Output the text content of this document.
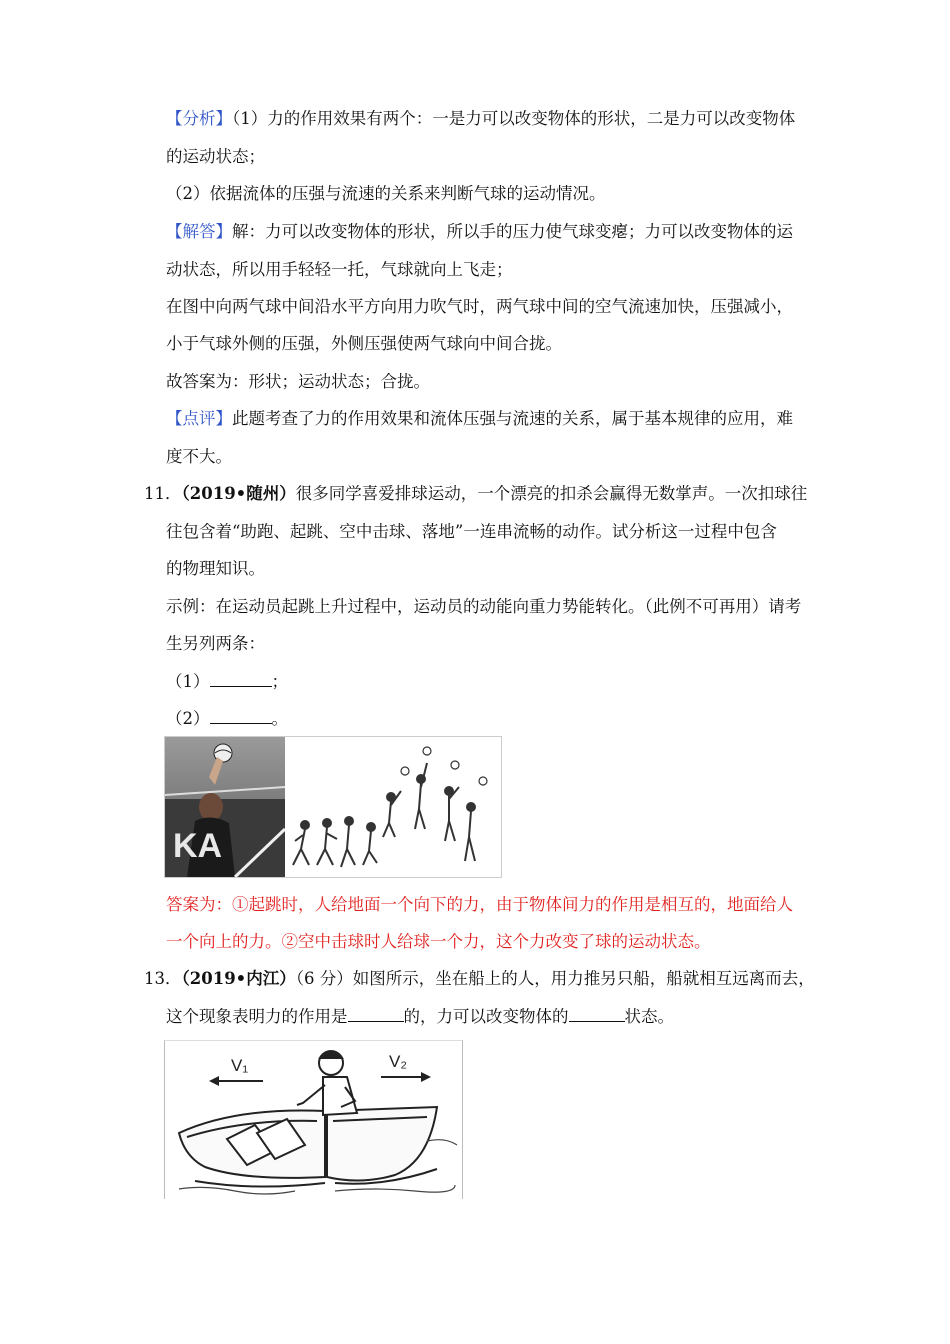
【分析】（1）力的作用效果有两个：一是力可以改变物体的形状，二是力可以改变物体
的运动状态；
（2）依据流体的压强与流速的关系来判断气球的运动情况。
【解答】解：力可以改变物体的形状，所以手的压力使气球变瘪；力可以改变物体的运
动状态，所以用手轻轻一托，气球就向上飞走；
在图中向两气球中间沿水平方向用力吹气时，两气球中间的空气流速加快，压强减小，
小于气球外侧的压强，外侧压强使两气球向中间合拢。
故答案为：形状；运动状态；合拢。
【点评】此题考查了力的作用效果和流体压强与流速的关系，属于基本规律的应用，难
度不大。
11．（2019•随州）很多同学喜爱排球运动，一个漂亮的扣杀会赢得无数掌声。一次扣球往
往包含着“助跑、起跳、空中击球、落地”一连串流畅的动作。试分析这一过程中包含
的物理知识。
示例：在运动员起跳上升过程中，运动员的动能向重力势能转化。（此例不可再用）请考
生另列两条：
（1）	；
（2）	。
KA
答案为：①起跳时，人给地面一个向下的力，由于物体间力的作用是相互的，地面给人
一个向上的力。②空中击球时人给球一个力，这个力改变了球的运动状态。
13．（2019•内江）（6 分）如图所示，坐在船上的人，用力推另只船，船就相互远离而去，
这个现象表明力的作用是	的，力可以改变物体的	状态。
V₁	V₂
